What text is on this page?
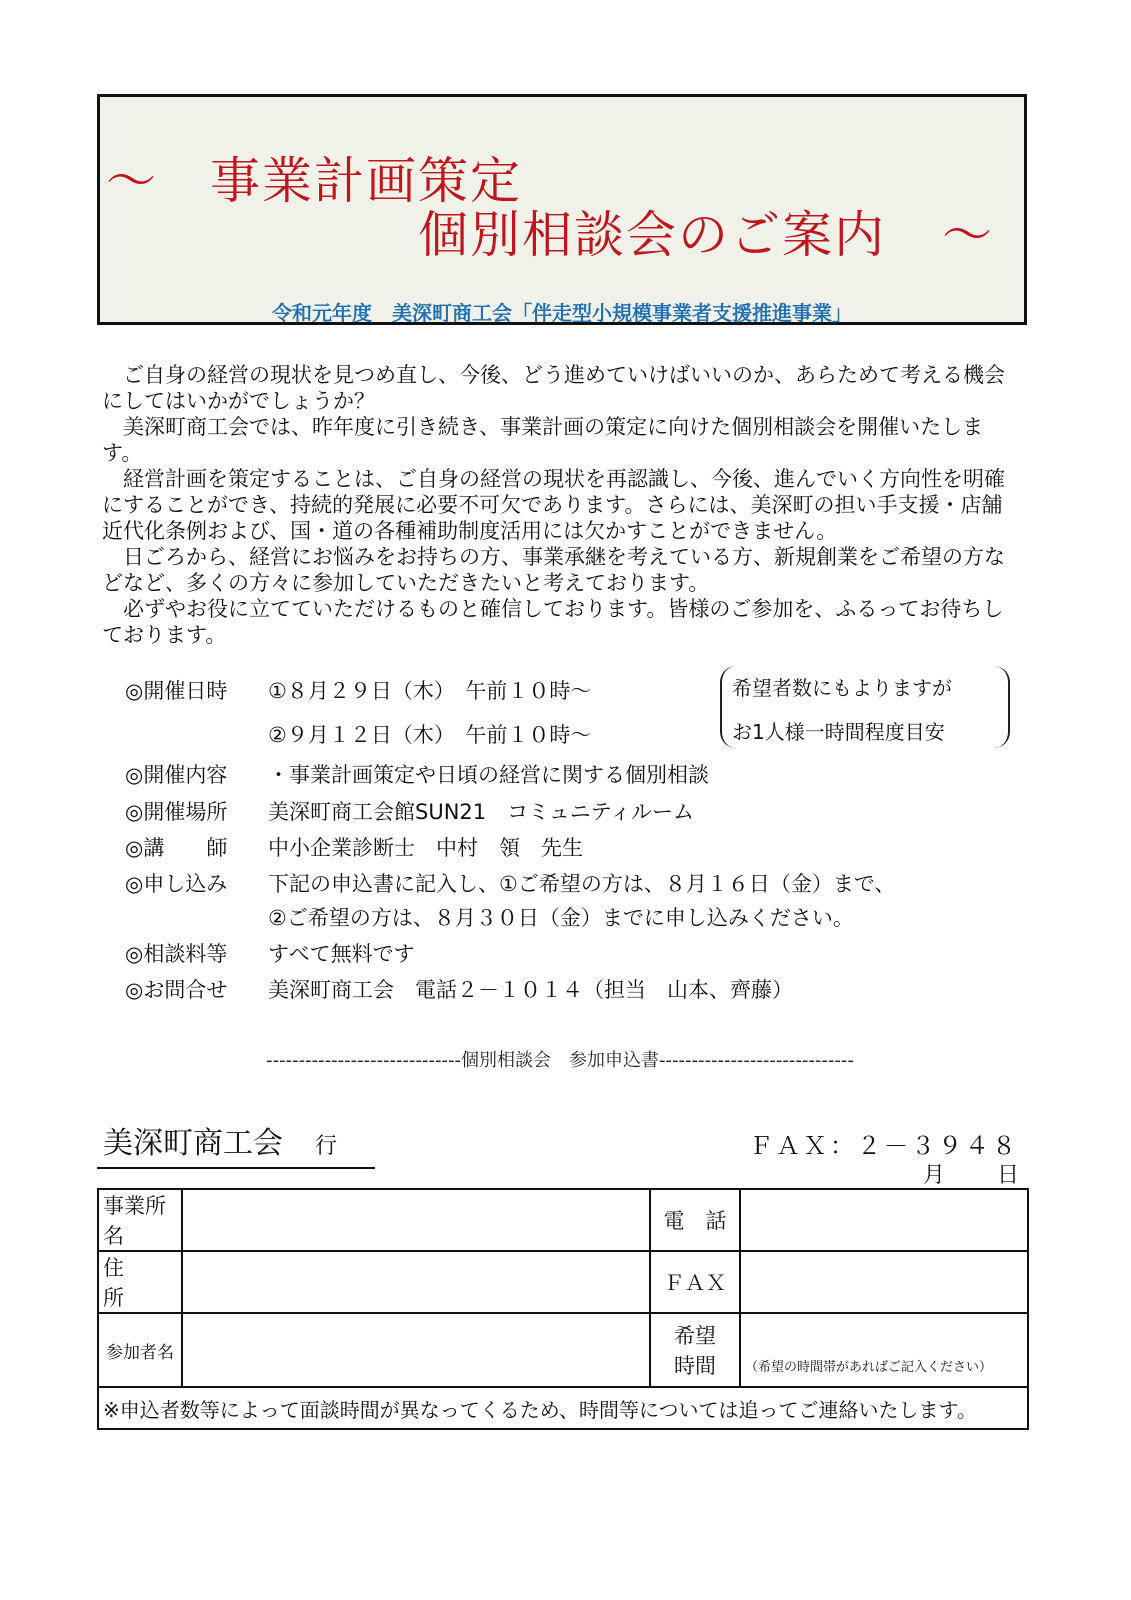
～ 事業計画策定
個別相談会のご案内 ～
令和元年度　美深町商工会「伴走型小規模事業者支援推進事業」

ご自身の経営の現状を見つめ直し、今後、どう進めていけばいいのか、あらためて考える機会にしてはいかがでしょうか？

美深町商工会では、昨年度に引き続き、事業計画の策定に向けた個別相談会を開催いたします。

経営計画を策定することは、ご自身の経営の現状を再認識し、今後、進んでいく方向性を明確にすることができ、持続的発展に必要不可欠であります。さらには、美深町の担い手支援・店舗近代化条例および、国・道の各種補助制度活用には欠かすことができません。

日ごろから、経営にお悩みをお持ちの方、事業承継を考えている方、新規創業をご希望の方などなど、多くの方々に参加していただきたいと考えております。

必ずやお役に立てていただけるものと確信しております。皆様のご参加を、ふるってお待ちしております。

◎開催日時 ①８月２９日（木）　午前１０時～
②９月１２日（木）　午前１０時～
希望者数にもよりますが
お1人様一時間程度目安
◎開催内容 ・事業計画策定や日頃の経営に関する個別相談
◎開催場所 美深町商工会館SUN21　コミュニティルーム
◎講　　師 中小企業診断士　中村　領　先生
◎申し込み 下記の申込書に記入し、①ご希望の方は、８月１６日（金）まで、
②ご希望の方は、８月３０日（金）までに申し込みください。
◎相談料等 すべて無料です
◎お問合せ 美深町商工会　電話２－１０１４（担当　山本、齊藤）
------------------------------個別相談会　参加申込書------------------------------
美深町商工会 行	ＦＡＸ：２－３９４８
月 日
事業所名		電　話	
住　　所		ＦＡＸ	
参加者名		希望
時間	（希望の時間帯があればご記入ください）

※申込者数等によって面談時間が異なってくるため、時間等については追ってご連絡いたします。			
